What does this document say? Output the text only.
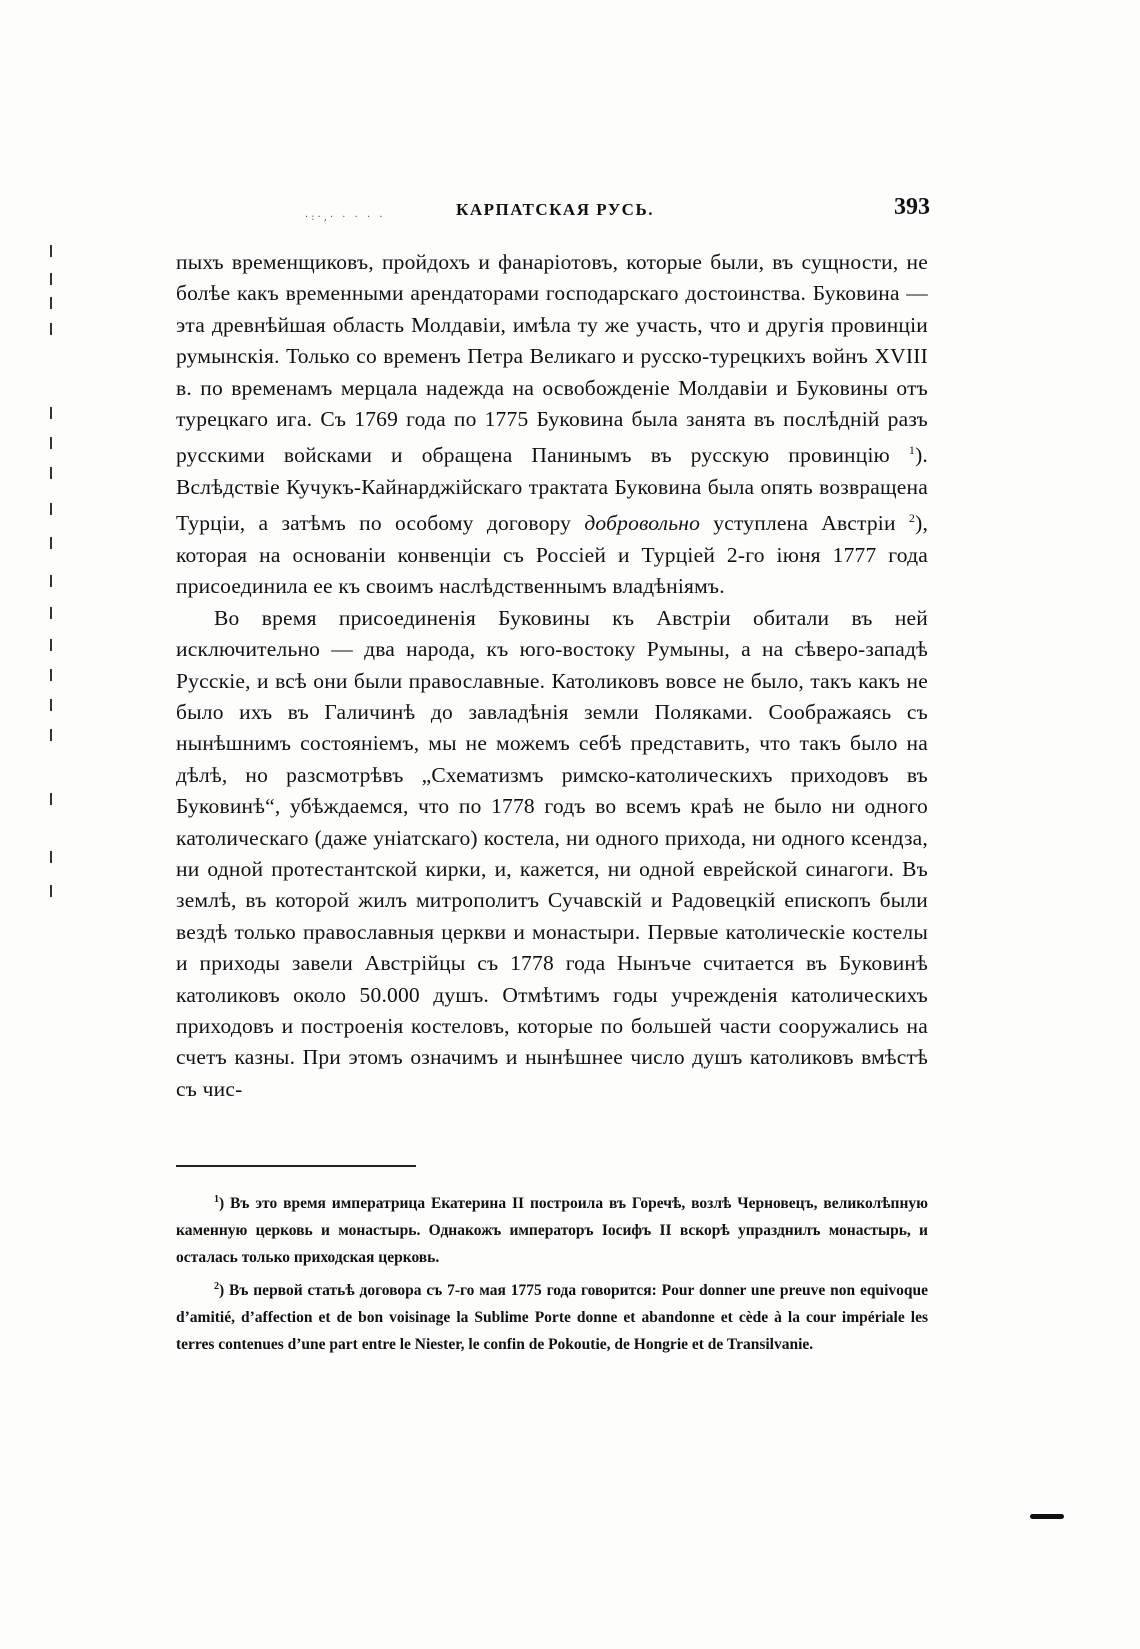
·:·,· · · · ·	КАРПАТСКАЯ РУСЬ.	393

пыхъ временщиковъ, пройдохъ и фанаріотовъ, которые были, въ сущности, не болѣе какъ временными арендаторами господарскаго достоинства. Буковина — эта древнѣйшая область Молдавіи, имѣла ту же участь, что и другія провинціи румынскія. Только со временъ Петра Великаго и русско-турецкихъ войнъ XVIII в. по временамъ мерцала надежда на освобожденіе Молдавіи и Буковины отъ турецкаго ига. Съ 1769 года по 1775 Буковина была занята въ послѣдній разъ русскими войсками и обращена Панинымъ въ русскую провинцію $^1$). Вслѣдствіе Кучукъ-Кайнарджійскаго трактата Буковина была опять возвращена Турціи, а затѣмъ по особому договору добровольно уступлена Австріи $^2$), которая на основаніи конвенціи съ Россіей и Турціей 2-го іюня 1777 года присоединила ее къ своимъ наслѣдственнымъ владѣніямъ.

Во время присоединенія Буковины къ Австріи обитали въ ней исключительно — два народа, къ юго-востоку Румыны, а на сѣверо-западѣ Русскіе, и всѣ они были православные. Католиковъ вовсе не было, такъ какъ не было ихъ въ Галичинѣ до завладѣнія земли Поляками. Соображаясь съ нынѣшнимъ состояніемъ, мы не можемъ себѣ представить, что такъ было на дѣлѣ, но разсмотрѣвъ „Схематизмъ римско-католическихъ приходовъ въ Буковинѣ“, убѣждаемся, что по 1778 годъ во всемъ краѣ не было ни одного католическаго (даже уніатскаго) костела, ни одного прихода, ни одного ксендза, ни одной протестантской кирки, и, кажется, ни одной еврейской синагоги. Въ землѣ, въ которой жилъ митрополитъ Сучавскій и Радовецкій епископъ были вездѣ только православныя церкви и монастыри. Первые католическіе костелы и приходы завели Австрійцы съ 1778 года Нынъче считается въ Буковинѣ католиковъ около 50.000 душъ. Отмѣтимъ годы учрежденія католическихъ приходовъ и построенія костеловъ, которые по большей части сооружались на счетъ казны. При этомъ означимъ и нынѣшнее число душъ католиковъ вмѣстѣ съ чис-

$^1$) Въ это время императрица Екатерина II построила въ Горечѣ, возлѣ Черновецъ, великолѣпную каменную церковь и монастырь. Однакожъ императоръ Іосифъ II вскорѣ упразднилъ монастырь, и осталась только приходская церковь.

$^2$) Въ первой статьѣ договора съ 7-го мая 1775 года говорится: Pour donner une preuve non equivoque d’amitié, d’affection et de bon voisinage la Sublime Porte donne et abandonne et cède à la cour impériale les terres contenues d’une part entre le Niester, le confin de Pokoutie, de Hongrie et de Transilvanie.
